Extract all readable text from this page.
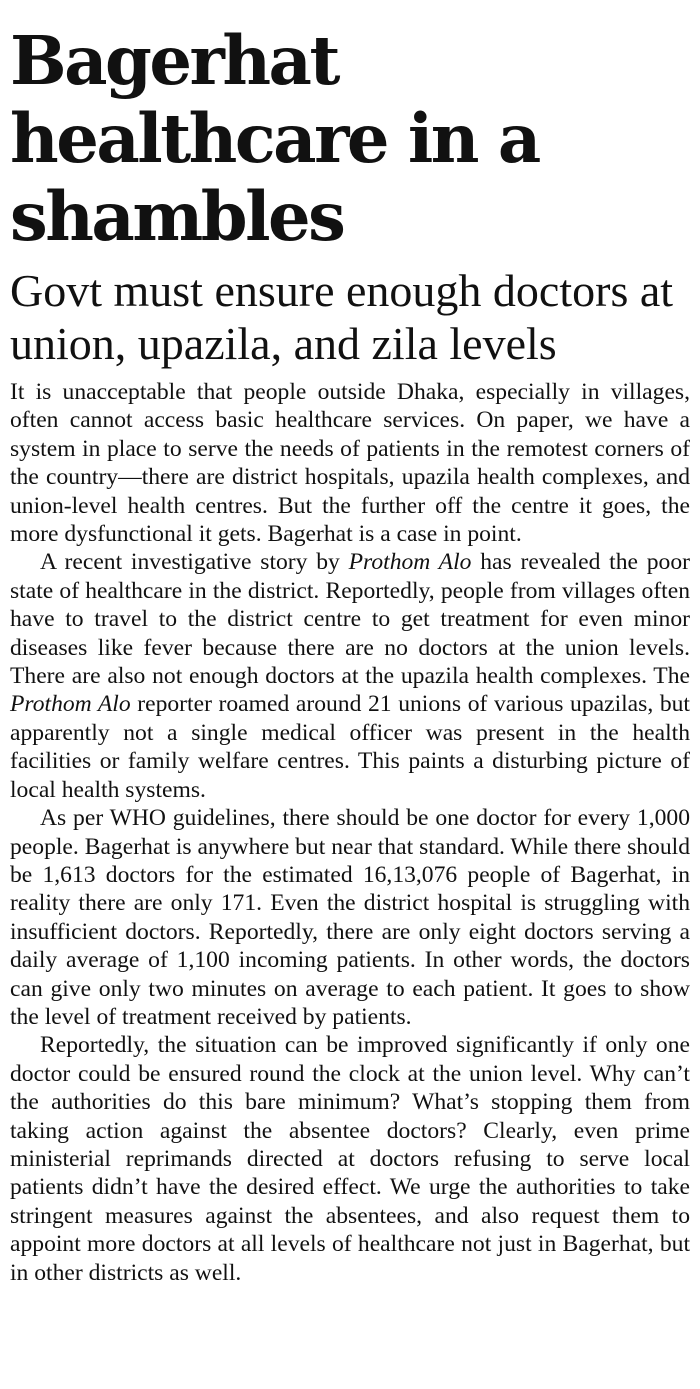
Bagerhat healthcare in a shambles
Govt must ensure enough doctors at union, upazila, and zila levels

It is unacceptable that people outside Dhaka, especially in villages, often cannot access basic healthcare services. On paper, we have a system in place to serve the needs of patients in the remotest corners of the country—there are district hospitals, upazila health complexes, and union-level health centres. But the further off the centre it goes, the more dysfunctional it gets. Bagerhat is a case in point.

A recent investigative story by Prothom Alo has revealed the poor state of healthcare in the district. Reportedly, people from villages often have to travel to the district centre to get treatment for even minor diseases like fever because there are no doctors at the union levels. There are also not enough doctors at the upazila health complexes. The Prothom Alo reporter roamed around 21 unions of various upazilas, but apparently not a single medical officer was present in the health facilities or family welfare centres. This paints a disturbing picture of local health systems.

As per WHO guidelines, there should be one doctor for every 1,000 people. Bagerhat is anywhere but near that standard. While there should be 1,613 doctors for the estimated 16,13,076 people of Bagerhat, in reality there are only 171. Even the district hospital is struggling with insufficient doctors. Reportedly, there are only eight doctors serving a daily average of 1,100 incoming patients. In other words, the doctors can give only two minutes on average to each patient. It goes to show the level of treatment received by patients.

Reportedly, the situation can be improved significantly if only one doctor could be ensured round the clock at the union level. Why can’t the authorities do this bare minimum? What’s stopping them from taking action against the absentee doctors? Clearly, even prime ministerial reprimands directed at doctors refusing to serve local patients didn’t have the desired effect. We urge the authorities to take stringent measures against the absentees, and also request them to appoint more doctors at all levels of healthcare not just in Bagerhat, but in other districts as well.
